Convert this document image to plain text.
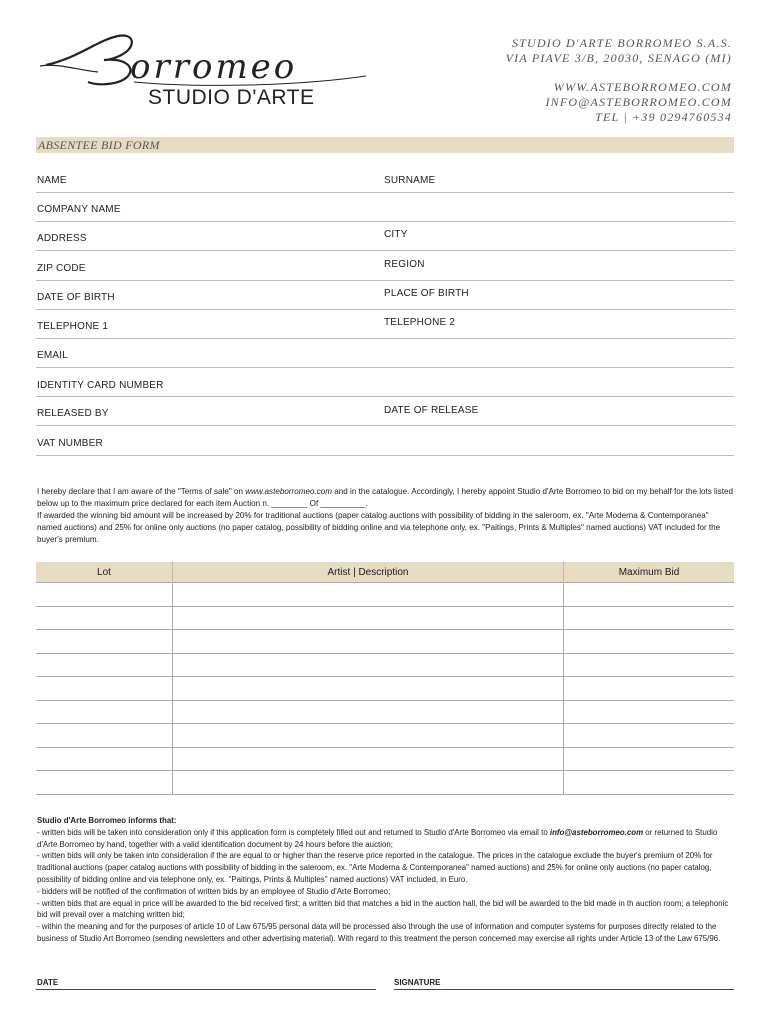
orromeo
STUDIO D'ARTE
STUDIO D'ARTE BORROMEO S.A.S.
VIA PIAVE 3/B, 20030, SENAGO (MI)
WWW.ASTEBORROMEO.COM
INFO@ASTEBORROMEO.COM
TEL | +39 0294760534
ABSENTEE BID FORM
NAME	SURNAME
COMPANY NAME
ADDRESS	CITY
ZIP CODE	REGION
DATE OF BIRTH	PLACE OF BIRTH
TELEPHONE 1	TELEPHONE 2
EMAIL
IDENTITY CARD NUMBER
RELEASED BY	DATE OF RELEASE
VAT NUMBER
I hereby declare that I am aware of the "Terms of sale" on www.asteborromeo.com and in the catalogue. Accordingly, I hereby appoint Studio d'Arte Borromeo to bid on my behalf for the lots listed below up to the maximum price declared for each item Auction n. ________ Of __________.
If awarded the winning bid amount will be increased by 20% for traditional auctions (paper catalog auctions with possibility of bidding in the saleroom, ex. "Arte Moderna & Contemporanea" named auctions) and 25% for online only auctions (no paper catalog, possibility of bidding online and via telephone only, ex. "Paitings, Prints & Multiples" named auctions) VAT included for the buyer's premium.
Lot	Artist | Description	Maximum Bid

Studio d'Arte Borromeo informs that:
- written bids will be taken into consideration only if this application form is completely filled out and returned to Studio d'Arte Borromeo via email to info@asteborromeo.com or returned to Studio d'Arte Borromeo by hand, together with a valid identification document by 24 hours before the auction;
- written bids will only be taken into consideration if the are equal to or higher than the reserve price reported in the catalogue. The prices in the catalogue exclude the buyer's premium of 20% for traditional auctions (paper catalog auctions with possibility of bidding in the saleroom, ex. "Arte Moderna & Contemporanea" named auctions) and 25% for online only auctions (no paper catalog, possibility of bidding online and via telephone only, ex. "Paitings, Prints & Multiples" named auctions) VAT included, in Euro.
- bidders will be notified of the confirmation of written bids by an employee of Studio d'Arte Borromeo;
- written bids that are equal in price will be awarded to the bid received first; a written bid that matches a bid in the auction hall, the bid will be awarded to the bid made in th auction room; a telephonic bid will prevail over a matching written bid;
- within the meaning and for the purposes of article 10 of Law 675/95 personal data will be processed also through the use of information and computer systems for purposes directly related to the business of Studio Art Borromeo (sending newsletters and other advertising material). With regard to this treatment the person concerned may exercise all rights under Article 13 of the Law 675/96.
DATE	SIGNATURE
